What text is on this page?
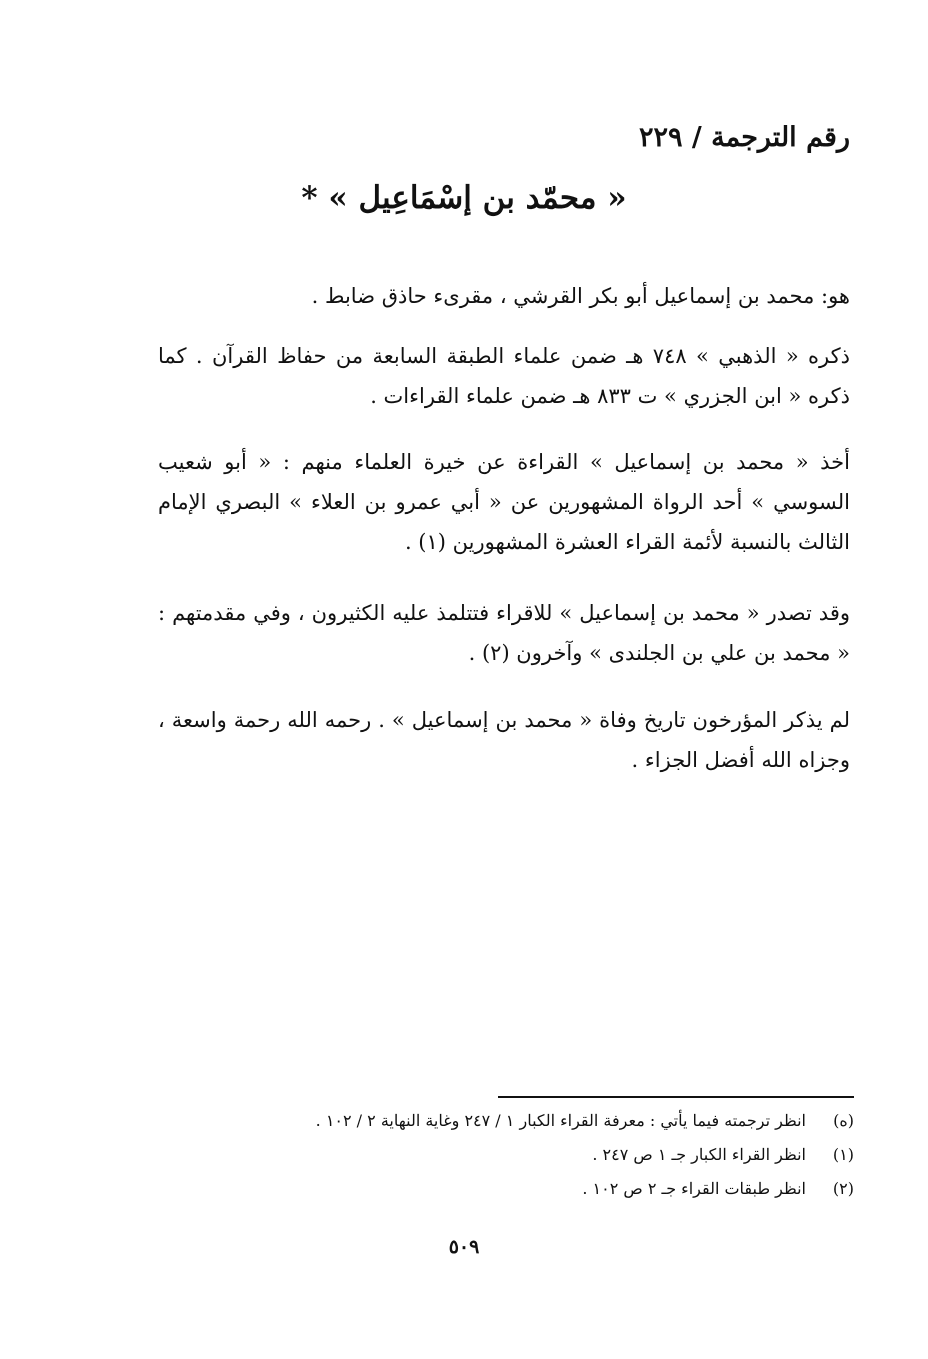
رقم الترجمة / ٢٢٩
« محمّد بن إسْمَاعِيل » *

هو: محمد بن إسماعيل أبو بكر القرشي ، مقرىء حاذق ضابط .

ذكره « الذهبي » ٧٤٨ هـ ضمن علماء الطبقة السابعة من حفاظ القرآن . كما ذكره « ابن الجزري » ت ٨٣٣ هـ ضمن علماء القراءات .

أخذ « محمد بن إسماعيل » القراءة عن خيرة العلماء منهم : « أبو شعيب السوسي » أحد الرواة المشهورين عن « أبي عمرو بن العلاء » البصري الإمام الثالث بالنسبة لأئمة القراء العشرة المشهورين (١) .

وقد تصدر « محمد بن إسماعيل » للاقراء فتتلمذ عليه الكثيرون ، وفي مقدمتهم : « محمد بن علي بن الجلندى » وآخرون (٢) .

لم يذكر المؤرخون تاريخ وفاة « محمد بن إسماعيل » . رحمه الله رحمة واسعة ، وجزاه الله أفضل الجزاء .

(ه)
انظر ترجمته فيما يأتي : معرفة القراء الكبار ١ / ٢٤٧ وغاية النهاية ٢ / ١٠٢ .
(١)
انظر القراء الكبار جـ ١ ص ٢٤٧ .
(٢)
انظر طبقات القراء جـ ٢ ص ١٠٢ .
٥٠٩
